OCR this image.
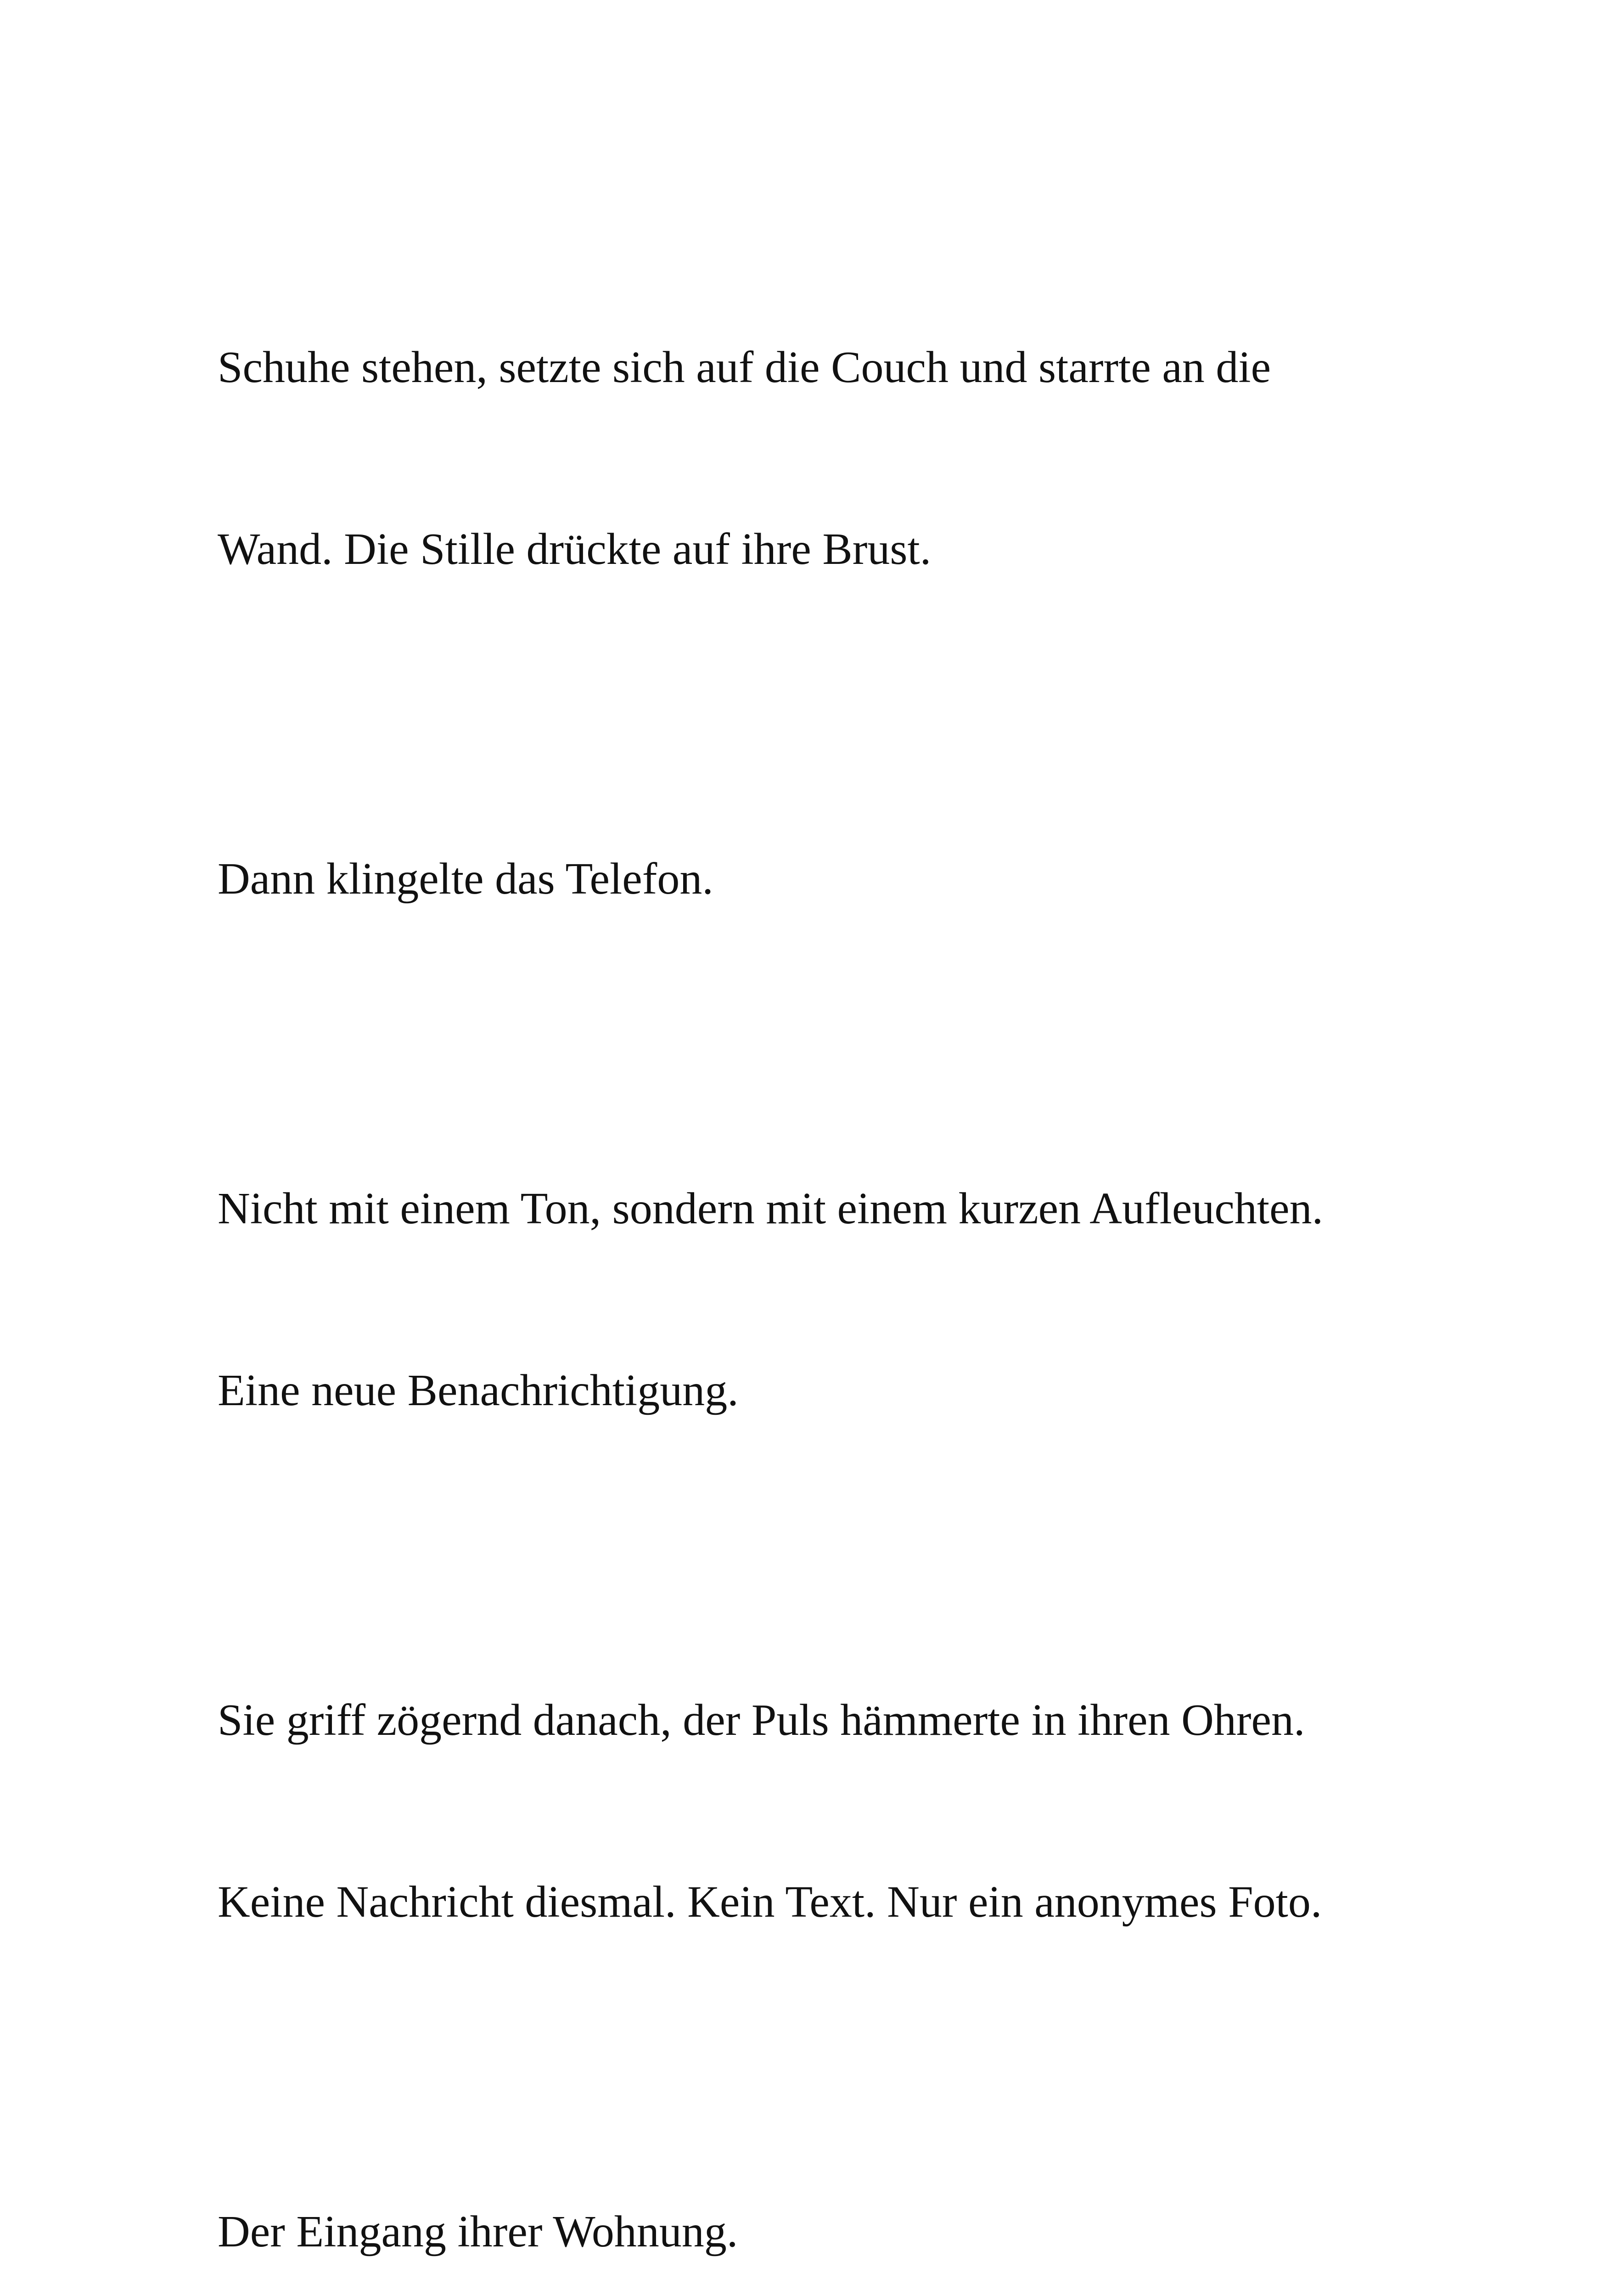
Schuhe stehen, setzte sich auf die Couch und starrte an die

Wand. Die Stille drückte auf ihre Brust.

Dann klingelte das Telefon.

Nicht mit einem Ton, sondern mit einem kurzen Aufleuchten.

Eine neue Benachrichtigung.

Sie griff zögernd danach, der Puls hämmerte in ihren Ohren.

Keine Nachricht diesmal. Kein Text. Nur ein anonymes Foto.

Der Eingang ihrer Wohnung.
